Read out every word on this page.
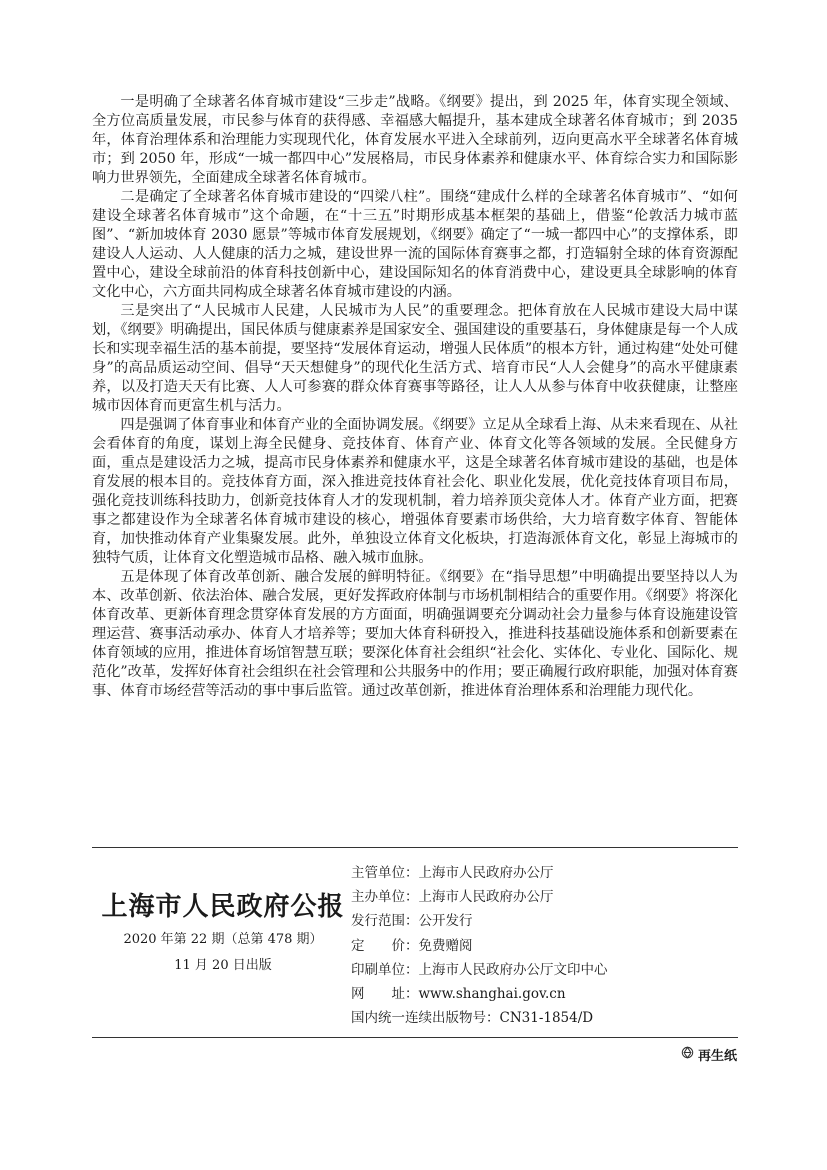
一是明确了全球著名体育城市建设“三步走”战略。《纲要》提出，到 2025 年，体育实现全领域、全方位高质量发展，市民参与体育的获得感、幸福感大幅提升，基本建成全球著名体育城市；到 2035 年，体育治理体系和治理能力实现现代化，体育发展水平进入全球前列，迈向更高水平全球著名体育城市；到 2050 年，形成“一城一都四中心”发展格局，市民身体素养和健康水平、体育综合实力和国际影响力世界领先，全面建成全球著名体育城市。

二是确定了全球著名体育城市建设的“四梁八柱”。围绕“建成什么样的全球著名体育城市”、“如何建设全球著名体育城市”这个命题，在“十三五”时期形成基本框架的基础上，借鉴“伦敦活力城市蓝图”、“新加坡体育 2030 愿景”等城市体育发展规划，《纲要》确定了“一城一都四中心”的支撑体系，即建设人人运动、人人健康的活力之城，建设世界一流的国际体育赛事之都，打造辐射全球的体育资源配置中心，建设全球前沿的体育科技创新中心，建设国际知名的体育消费中心，建设更具全球影响的体育文化中心，六方面共同构成全球著名体育城市建设的内涵。

三是突出了“人民城市人民建，人民城市为人民”的重要理念。把体育放在人民城市建设大局中谋划，《纲要》明确提出，国民体质与健康素养是国家安全、强国建设的重要基石，身体健康是每一个人成长和实现幸福生活的基本前提，要坚持“发展体育运动，增强人民体质”的根本方针，通过构建“处处可健身”的高品质运动空间、倡导“天天想健身”的现代化生活方式、培育市民“人人会健身”的高水平健康素养，以及打造天天有比赛、人人可参赛的群众体育赛事等路径，让人人从参与体育中收获健康，让整座城市因体育而更富生机与活力。

四是强调了体育事业和体育产业的全面协调发展。《纲要》立足从全球看上海、从未来看现在、从社会看体育的角度，谋划上海全民健身、竞技体育、体育产业、体育文化等各领域的发展。全民健身方面，重点是建设活力之城，提高市民身体素养和健康水平，这是全球著名体育城市建设的基础，也是体育发展的根本目的。竞技体育方面，深入推进竞技体育社会化、职业化发展，优化竞技体育项目布局，强化竞技训练科技助力，创新竞技体育人才的发现机制，着力培养顶尖竞体人才。体育产业方面，把赛事之都建设作为全球著名体育城市建设的核心，增强体育要素市场供给，大力培育数字体育、智能体育，加快推动体育产业集聚发展。此外，单独设立体育文化板块，打造海派体育文化，彰显上海城市的独特气质，让体育文化塑造城市品格、融入城市血脉。

五是体现了体育改革创新、融合发展的鲜明特征。《纲要》在“指导思想”中明确提出要坚持以人为本、改革创新、依法治体、融合发展，更好发挥政府体制与市场机制相结合的重要作用。《纲要》将深化体育改革、更新体育理念贯穿体育发展的方方面面，明确强调要充分调动社会力量参与体育设施建设管理运营、赛事活动承办、体育人才培养等；要加大体育科研投入，推进科技基础设施体系和创新要素在体育领域的应用，推进体育场馆智慧互联；要深化体育社会组织“社会化、实体化、专业化、国际化、规范化”改革，发挥好体育社会组织在社会管理和公共服务中的作用；要正确履行政府职能，加强对体育赛事、体育市场经营等活动的事中事后监管。通过改革创新，推进体育治理体系和治理能力现代化。

上海市人民政府公报
2020 年第 22 期（总第 478 期）
11 月 20 日出版
主管单位：上海市人民政府办公厅
主办单位：上海市人民政府办公厅
发行范围：公开发行
定　　价：免费赠阅
印刷单位：上海市人民政府办公厅文印中心
网　　址：www.shanghai.gov.cn
国内统一连续出版物号：CN31-1854/D
再生纸
